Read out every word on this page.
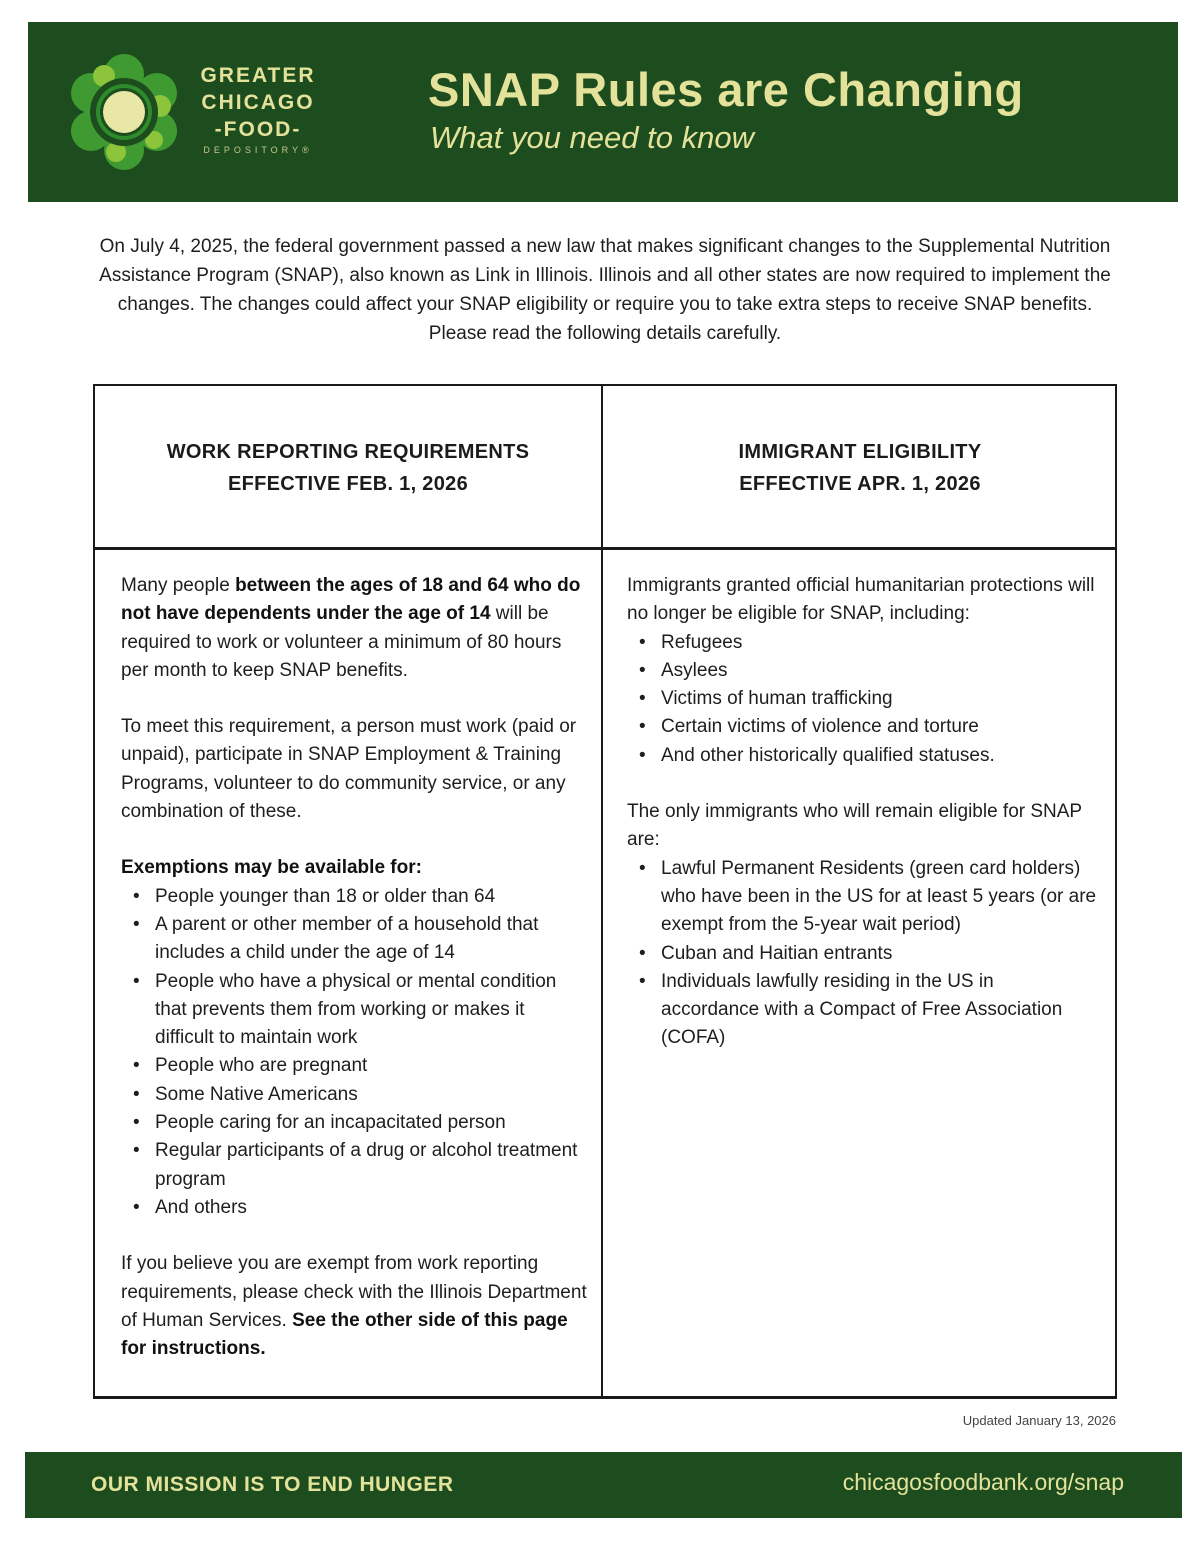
GREATER
CHICAGO
-FOOD-
DEPOSITORY®
SNAP Rules are Changing
What you need to know
On July 4, 2025, the federal government passed a new law that makes significant changes to the Supplemental Nutrition Assistance Program (SNAP), also known as Link in Illinois. Illinois and all other states are now required to implement the changes. The changes could affect your SNAP eligibility or require you to take extra steps to receive SNAP benefits. Please read the following details carefully.
WORK REPORTING REQUIREMENTS
EFFECTIVE FEB. 1, 2026
IMMIGRANT ELIGIBILITY
EFFECTIVE APR. 1, 2026

Many people between the ages of 18 and 64 who do not have dependents under the age of 14 will be required to work or volunteer a minimum of 80 hours per month to keep SNAP benefits.

To meet this requirement, a person must work (paid or unpaid), participate in SNAP Employment & Training Programs, volunteer to do community service, or any combination of these.

Exemptions may be available for:

• People younger than 18 or older than 64
• A parent or other member of a household that includes a child under the age of 14
• People who have a physical or mental condition that prevents them from working or makes it difficult to maintain work
• People who are pregnant
• Some Native Americans
• People caring for an incapacitated person
• Regular participants of a drug or alcohol treatment program
• And others

If you believe you are exempt from work reporting requirements, please check with the Illinois Department of Human Services. See the other side of this page for instructions.

Immigrants granted official humanitarian protections will no longer be eligible for SNAP, including:

• Refugees
• Asylees
• Victims of human trafficking
• Certain victims of violence and torture
• And other historically qualified statuses.

The only immigrants who will remain eligible for SNAP are:

• Lawful Permanent Residents (green card holders) who have been in the US for at least 5 years (or are exempt from the 5-year wait period)
• Cuban and Haitian entrants
• Individuals lawfully residing in the US in accordance with a Compact of Free Association (COFA)
Updated January 13, 2026
OUR MISSION IS TO END HUNGER	chicagosfoodbank.org/snap
